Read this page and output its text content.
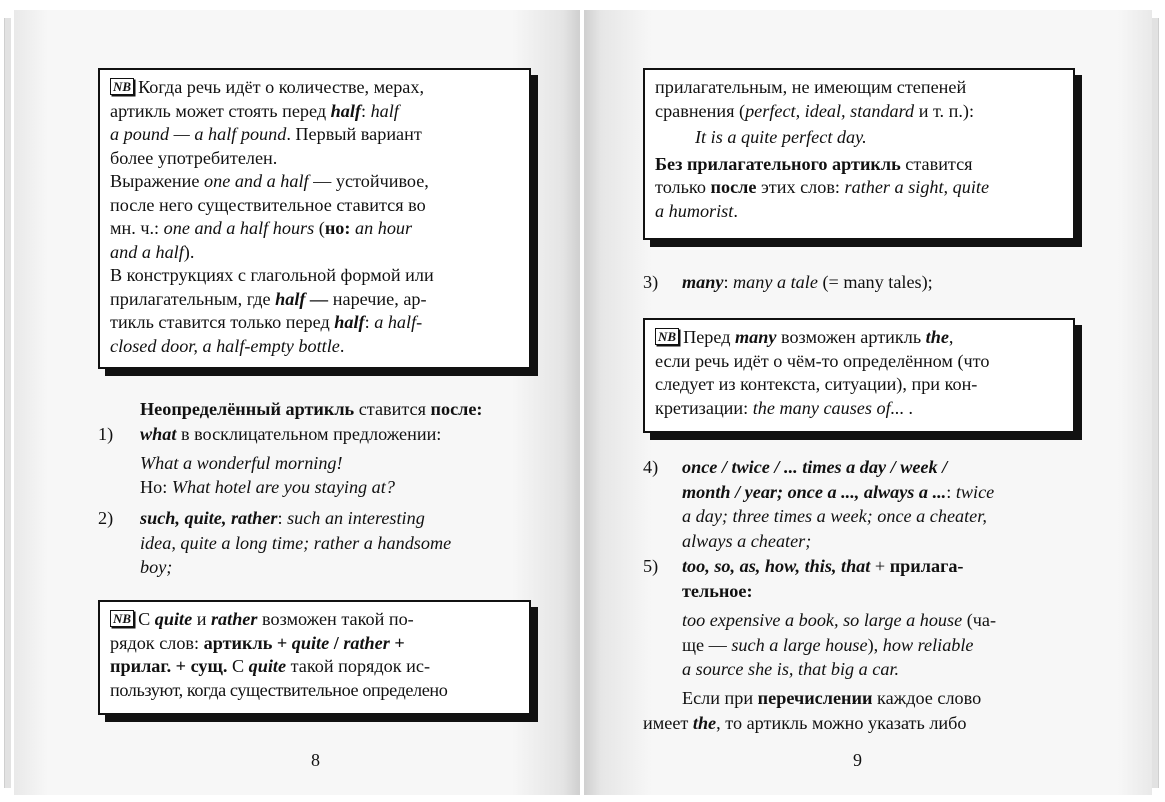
NB Когда речь идёт о количестве, мерах,
артикль может стоять перед half: half
a pound — a half pound. Первый вариант
более употребителен.
Выражение one and a half — устойчивое,
после него существительное ставится во
мн. ч.: one and a half hours (но: an hour
and a half).
В конструкциях с глагольной формой или
прилагательным, где half — наречие, ар-
тикль ставится только перед half: a half-
closed door, a half-empty bottle.
Неопределённый артикль ставится после:
1) what в восклицательном предложении:
What a wonderful morning!
Но: What hotel are you staying at?
2) such, quite, rather: such an interesting
idea, quite a long time; rather a handsome
boy;
NB С quite и rather возможен такой по-
рядок слов: артикль + quite / rather +
прилаг. + сущ. С quite такой порядок ис-
пользуют, когда существительное определено
8
прилагательным, не имеющим степеней
сравнения (perfect, ideal, standard и т. п.):
It is a quite perfect day.
Без прилагательного артикль ставится
только после этих слов: rather a sight, quite
a humorist.
3) many: many a tale (= many tales);
NB Перед many возможен артикль the,
если речь идёт о чём-то определённом (что
следует из контекста, ситуации), при кон-
кретизации: the many causes of... .
4) once / twice / ... times a day / week /
month / year; once a ..., always a ...: twice
a day; three times a week; once a cheater,
always a cheater;
5) too, so, as, how, this, that + прилага-
тельное:
too expensive a book, so large a house (ча-
ще — such a large house), how reliable
a source she is, that big a car.
Если при перечислении каждое слово
имеет the, то артикль можно указать либо
9
